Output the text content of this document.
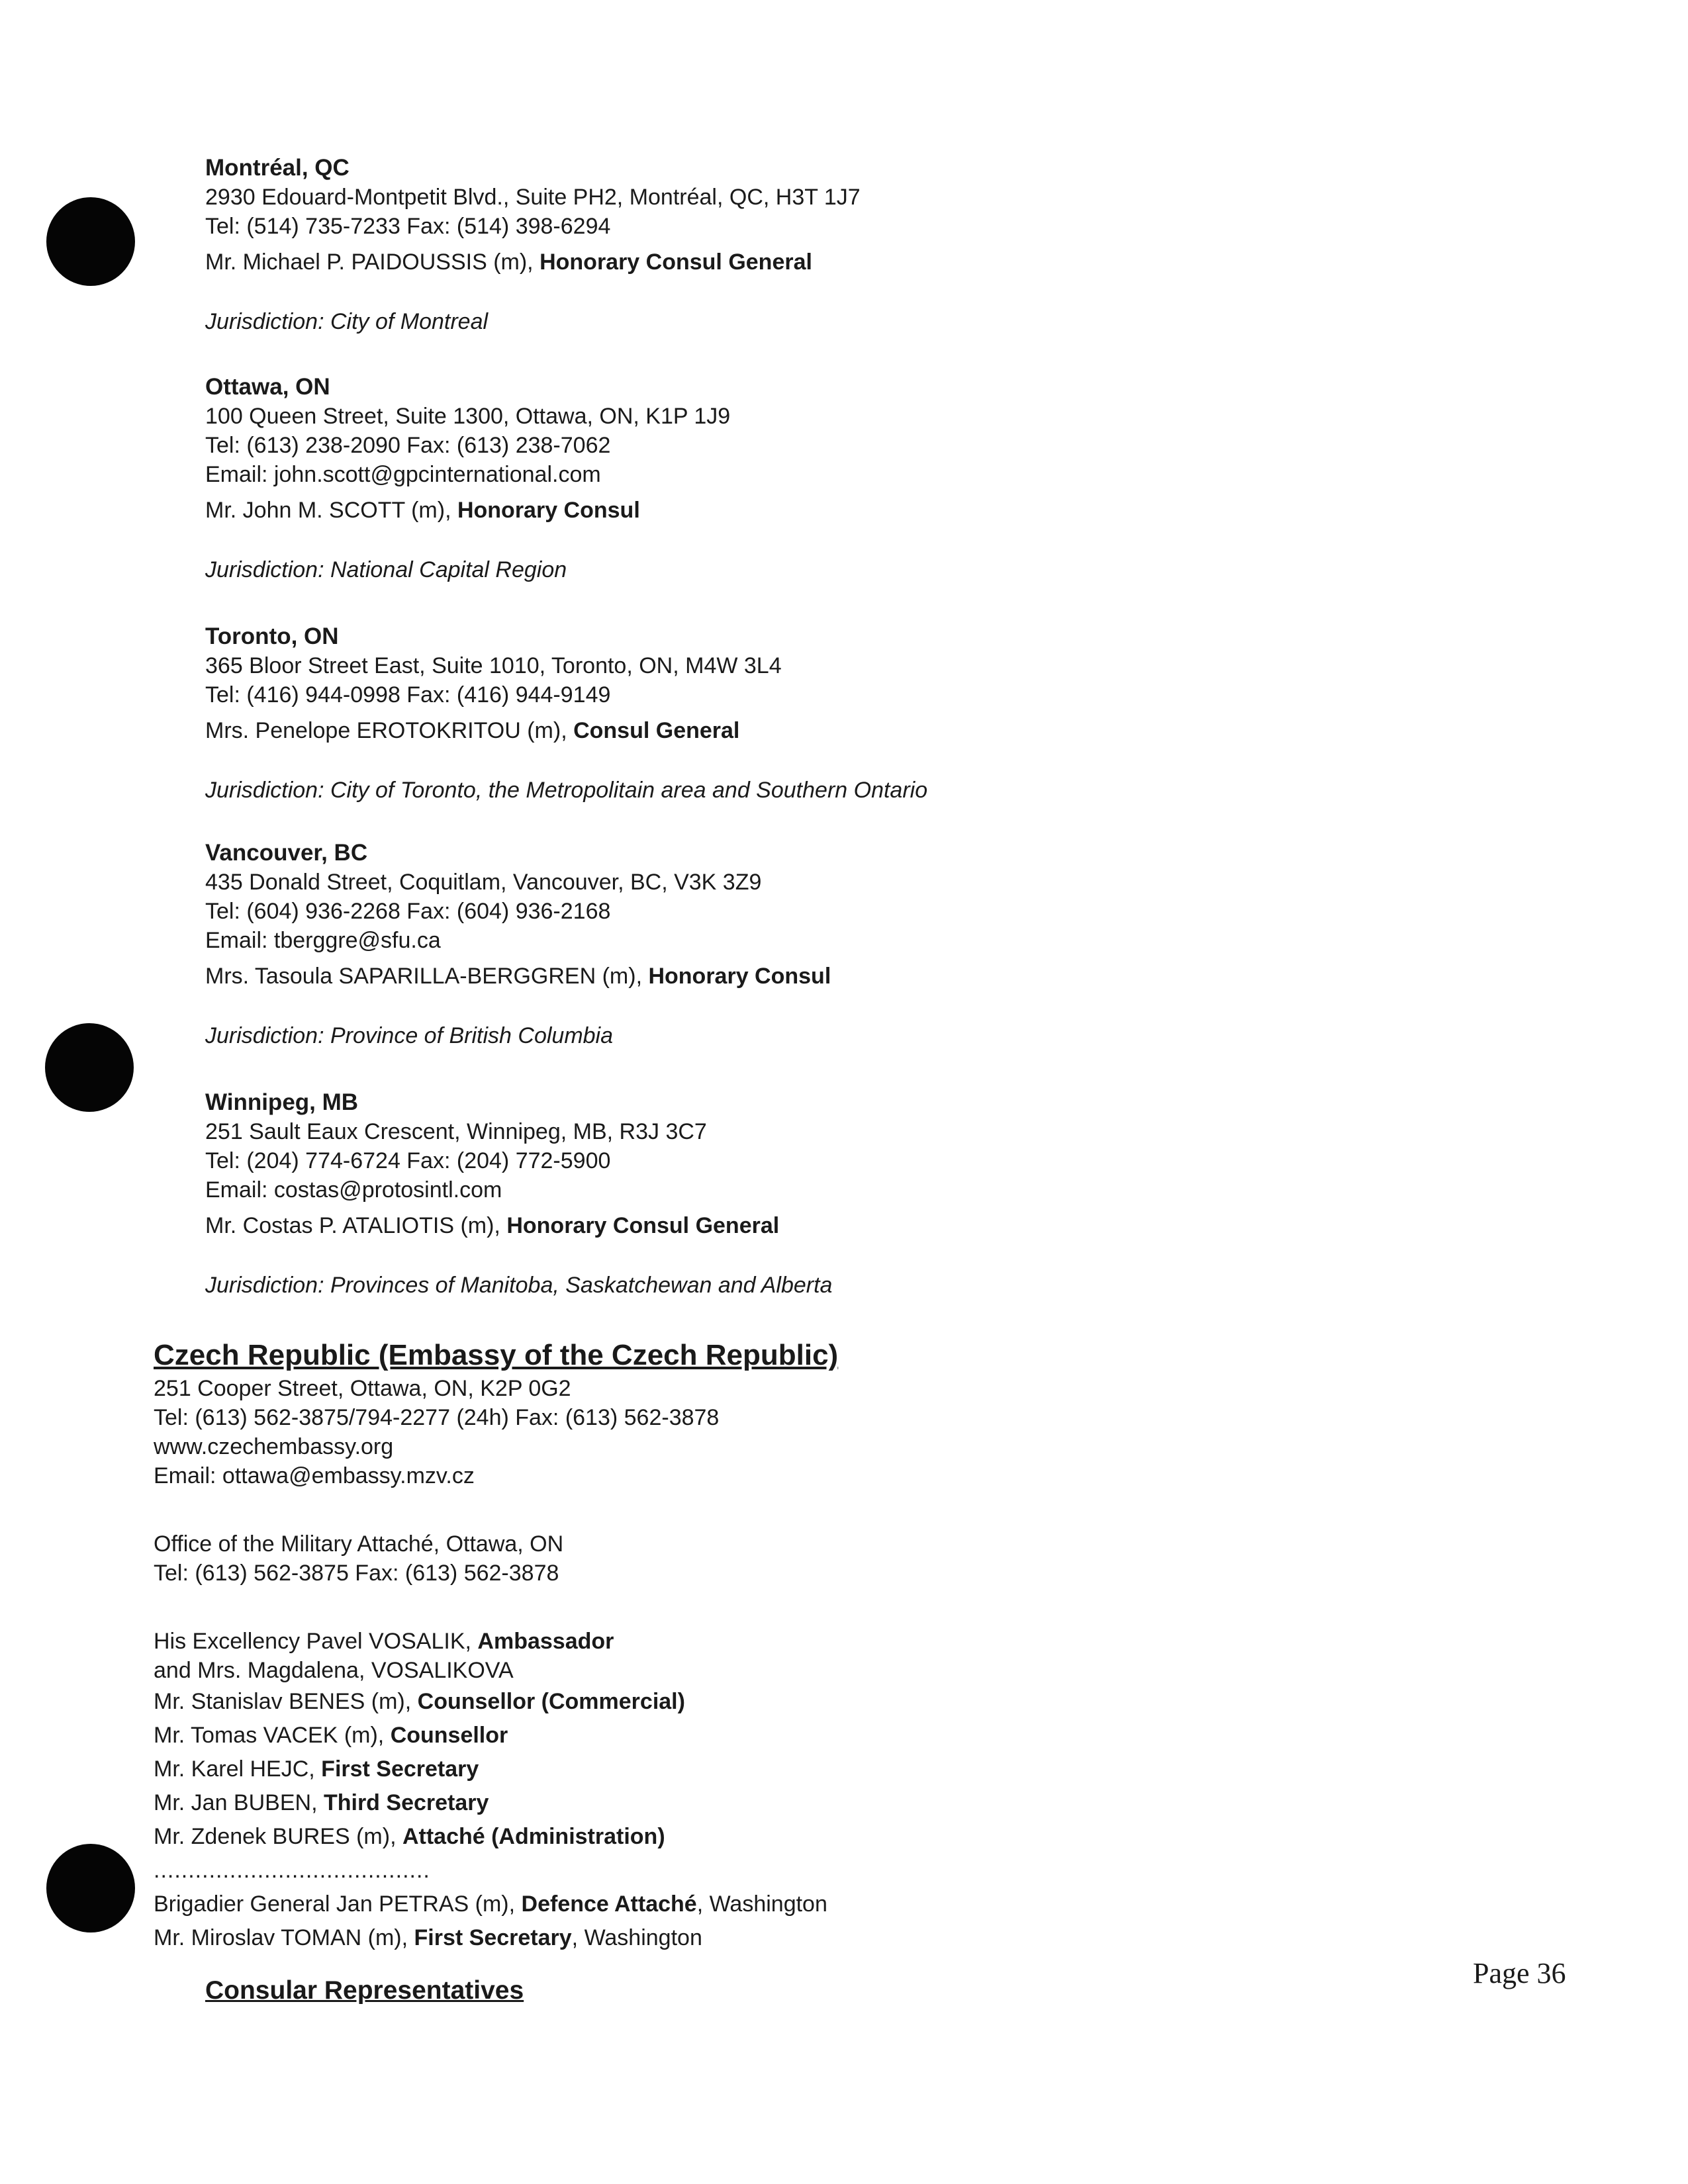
Montréal, QC

2930 Edouard-Montpetit Blvd., Suite PH2, Montréal, QC, H3T 1J7

Tel: (514) 735-7233 Fax: (514) 398-6294

Mr. Michael P. PAIDOUSSIS (m), Honorary Consul General

Jurisdiction: City of Montreal

Ottawa, ON

100 Queen Street, Suite 1300, Ottawa, ON, K1P 1J9

Tel: (613) 238-2090 Fax: (613) 238-7062

Email: john.scott@gpcinternational.com

Mr. John M. SCOTT (m), Honorary Consul

Jurisdiction: National Capital Region

Toronto, ON

365 Bloor Street East, Suite 1010, Toronto, ON, M4W 3L4

Tel: (416) 944-0998 Fax: (416) 944-9149

Mrs. Penelope EROTOKRITOU (m), Consul General

Jurisdiction: City of Toronto, the Metropolitain area and Southern Ontario

Vancouver, BC

435 Donald Street, Coquitlam, Vancouver, BC, V3K 3Z9

Tel: (604) 936-2268 Fax: (604) 936-2168

Email: tberggre@sfu.ca

Mrs. Tasoula SAPARILLA-BERGGREN (m), Honorary Consul

Jurisdiction: Province of British Columbia

Winnipeg, MB

251 Sault Eaux Crescent, Winnipeg, MB, R3J 3C7

Tel: (204) 774-6724 Fax: (204) 772-5900

Email: costas@protosintl.com

Mr. Costas P. ATALIOTIS (m), Honorary Consul General

Jurisdiction: Provinces of Manitoba, Saskatchewan and Alberta

Czech Republic (Embassy of the Czech Republic)

251 Cooper Street, Ottawa, ON, K2P 0G2

Tel: (613) 562-3875/794-2277 (24h) Fax: (613) 562-3878

www.czechembassy.org

Email: ottawa@embassy.mzv.cz

Office of the Military Attaché, Ottawa, ON

Tel: (613) 562-3875 Fax: (613) 562-3878

His Excellency Pavel VOSALIK, Ambassador

and Mrs. Magdalena, VOSALIKOVA

Mr. Stanislav BENES (m), Counsellor (Commercial)

Mr. Tomas VACEK (m), Counsellor

Mr. Karel HEJC, First Secretary

Mr. Jan BUBEN, Third Secretary

Mr. Zdenek BURES (m), Attaché (Administration)

........................................

Brigadier General Jan PETRAS (m), Defence Attaché, Washington

Mr. Miroslav TOMAN (m), First Secretary, Washington

Consular Representatives

Page 36
